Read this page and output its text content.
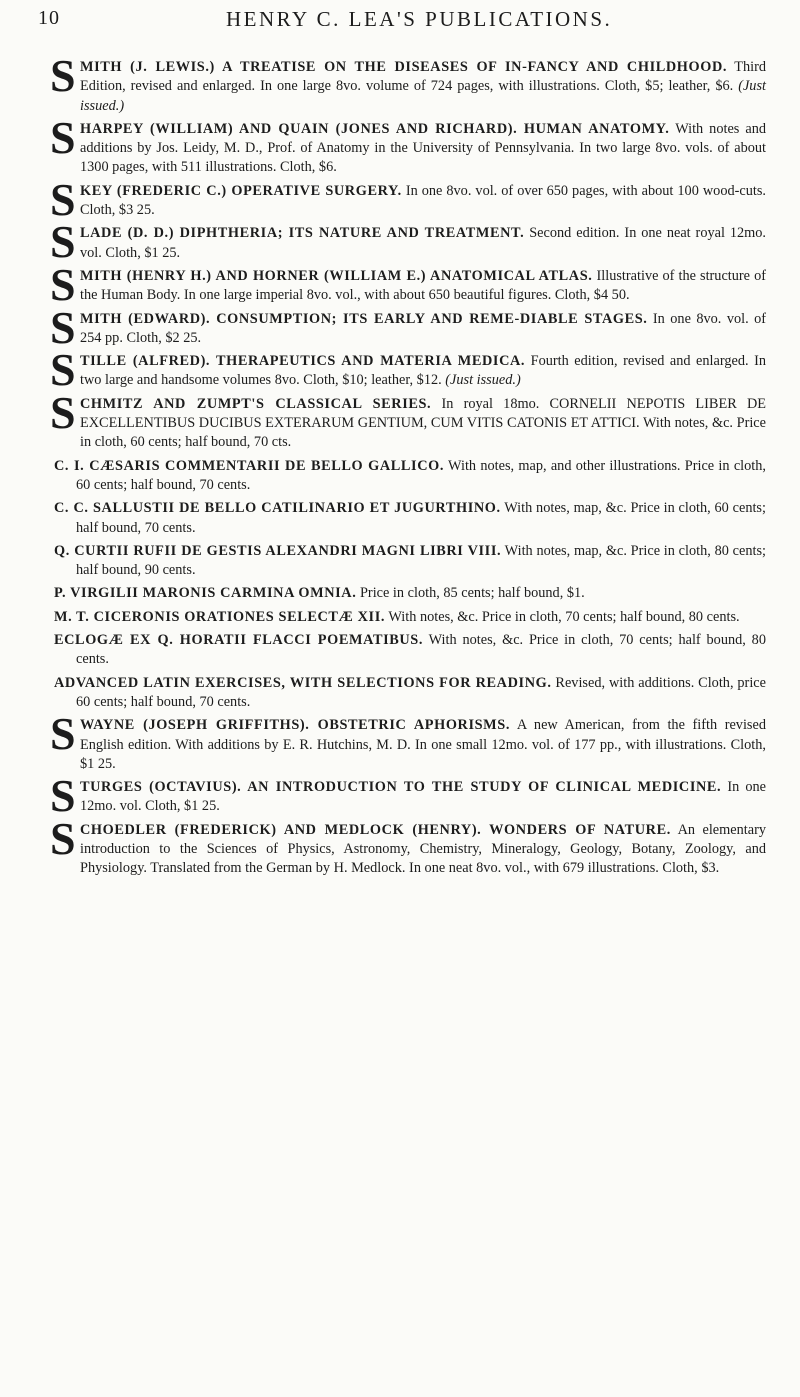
10	HENRY C. LEA'S PUBLICATIONS.
S MITH (J. LEWIS.) A TREATISE ON THE DISEASES OF IN-FANCY AND CHILDHOOD. Third Edition, revised and enlarged. In one large 8vo. volume of 724 pages, with illustrations. Cloth, $5; leather, $6. (Just issued.)
S HARPEY (WILLIAM) AND QUAIN (JONES AND RICHARD). HUMAN ANATOMY. With notes and additions by Jos. Leidy, M. D., Prof. of Anatomy in the University of Pennsylvania. In two large 8vo. vols. of about 1300 pages, with 511 illustrations. Cloth, $6.
S KEY (FREDERIC C.) OPERATIVE SURGERY. In one 8vo. vol. of over 650 pages, with about 100 wood-cuts. Cloth, $3 25.
S LADE (D. D.) DIPHTHERIA; ITS NATURE AND TREATMENT. Second edition. In one neat royal 12mo. vol. Cloth, $1 25.
S MITH (HENRY H.) AND HORNER (WILLIAM E.) ANATOMICAL ATLAS. Illustrative of the structure of the Human Body. In one large imperial 8vo. vol., with about 650 beautiful figures. Cloth, $4 50.
S MITH (EDWARD). CONSUMPTION; ITS EARLY AND REME-DIABLE STAGES. In one 8vo. vol. of 254 pp. Cloth, $2 25.
S TILLE (ALFRED). THERAPEUTICS AND MATERIA MEDICA. Fourth edition, revised and enlarged. In two large and handsome volumes 8vo. Cloth, $10; leather, $12. (Just issued.)
S CHMITZ AND ZUMPT'S CLASSICAL SERIES. In royal 18mo. CORNELII NEPOTIS LIBER DE EXCELLENTIBUS DUCIBUS EXTERARUM GENTIUM, CUM VITIS CATONIS ET ATTICI. With notes, &c. Price in cloth, 60 cents; half bound, 70 cts.
C. I. CÆSARIS COMMENTARII DE BELLO GALLICO. With notes, map, and other illustrations. Price in cloth, 60 cents; half bound, 70 cents.
C. C. SALLUSTII DE BELLO CATILINARIO ET JUGURTHINO. With notes, map, &c. Price in cloth, 60 cents; half bound, 70 cents.
Q. CURTII RUFII DE GESTIS ALEXANDRI MAGNI LIBRI VIII. With notes, map, &c. Price in cloth, 80 cents; half bound, 90 cents.
P. VIRGILII MARONIS CARMINA OMNIA. Price in cloth, 85 cents; half bound, $1.
M. T. CICERONIS ORATIONES SELECTÆ XII. With notes, &c. Price in cloth, 70 cents; half bound, 80 cents.
ECLOGÆ EX Q. HORATII FLACCI POEMATIBUS. With notes, &c. Price in cloth, 70 cents; half bound, 80 cents.
ADVANCED LATIN EXERCISES, WITH SELECTIONS FOR READING. Revised, with additions. Cloth, price 60 cents; half bound, 70 cents.
S WAYNE (JOSEPH GRIFFITHS). OBSTETRIC APHORISMS. A new American, from the fifth revised English edition. With additions by E. R. Hutchins, M. D. In one small 12mo. vol. of 177 pp., with illustrations. Cloth, $1 25.
S TURGES (OCTAVIUS). AN INTRODUCTION TO THE STUDY OF CLINICAL MEDICINE. In one 12mo. vol. Cloth, $1 25.
S CHOEDLER (FREDERICK) AND MEDLOCK (HENRY). WONDERS OF NATURE. An elementary introduction to the Sciences of Physics, Astronomy, Chemistry, Mineralogy, Geology, Botany, Zoology, and Physiology. Translated from the German by H. Medlock. In one neat 8vo. vol., with 679 illustrations. Cloth, $3.
